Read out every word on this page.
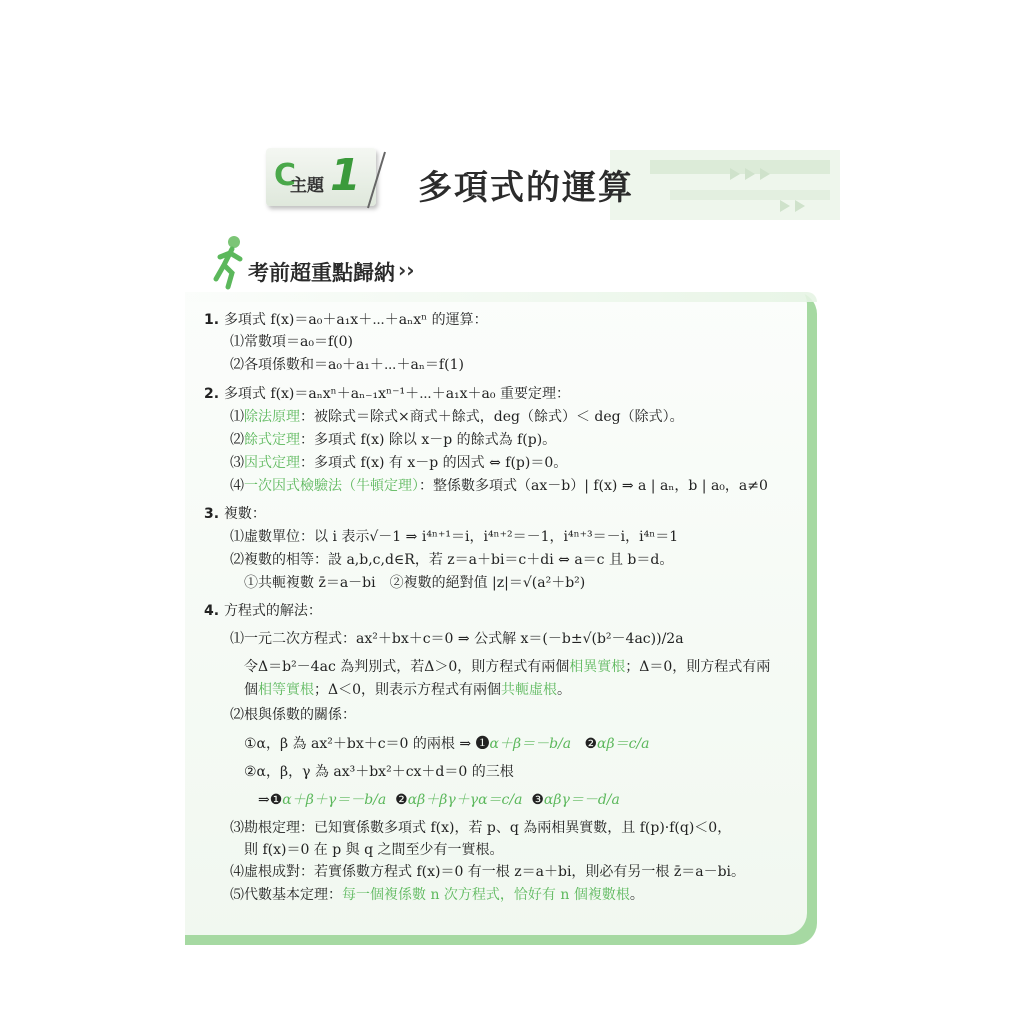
C
主題 1 多項式的運算
考前超重點歸納 ››
1. 多項式 f(x)＝a₀＋a₁x＋⋯＋aₙxⁿ 的運算：
⑴常數項＝a₀＝f(0)
⑵各項係數和＝a₀＋a₁＋⋯＋aₙ＝f(1)
2. 多項式 f(x)＝aₙxⁿ＋aₙ₋₁xⁿ⁻¹＋⋯＋a₁x＋a₀ 重要定理：
⑴除法原理：被除式＝除式×商式＋餘式，deg（餘式）＜ deg（除式）。
⑵餘式定理：多項式 f(x) 除以 x－p 的餘式為 f(p)。
⑶因式定理：多項式 f(x) 有 x－p 的因式 ⇔ f(p)＝0。
⑷一次因式檢驗法（牛頓定理）：整係數多項式（ax－b）| f(x) ⇒ a | aₙ，b | a₀，a≠0
3. 複數：
⑴虛數單位：以 i 表示√－1 ⇒ i⁴ⁿ⁺¹＝i，i⁴ⁿ⁺²＝－1，i⁴ⁿ⁺³＝－i，i⁴ⁿ＝1
⑵複數的相等：設 a,b,c,d∈R，若 z＝a＋bi＝c＋di ⇔ a＝c 且 b＝d。
①共軛複數 z̄＝a－bi　②複數的絕對值 |z|＝√(a²＋b²)
4. 方程式的解法：
⑴一元二次方程式：ax²＋bx＋c＝0 ⇒ 公式解 x＝(－b±√(b²－4ac))/2a
令Δ＝b²－4ac 為判別式，若Δ＞0，則方程式有兩個相異實根；Δ＝0，則方程式有兩
個相等實根；Δ＜0，則表示方程式有兩個共軛虛根。
⑵根與係數的關係：
①α，β 為 ax²＋bx＋c＝0 的兩根 ⇒ ❶α＋β＝－b/a ❷αβ＝c/a
②α，β，γ 為 ax³＋bx²＋cx＋d＝0 的三根
⇒❶α＋β＋γ＝－b/a ❷αβ＋βγ＋γα＝c/a ❸αβγ＝－d/a
⑶勘根定理：已知實係數多項式 f(x)，若 p、q 為兩相異實數，且 f(p)·f(q)＜0，
則 f(x)＝0 在 p 與 q 之間至少有一實根。
⑷虛根成對：若實係數方程式 f(x)＝0 有一根 z＝a＋bi，則必有另一根 z̄＝a－bi。
⑸代數基本定理：每一個複係數 n 次方程式，恰好有 n 個複數根。
